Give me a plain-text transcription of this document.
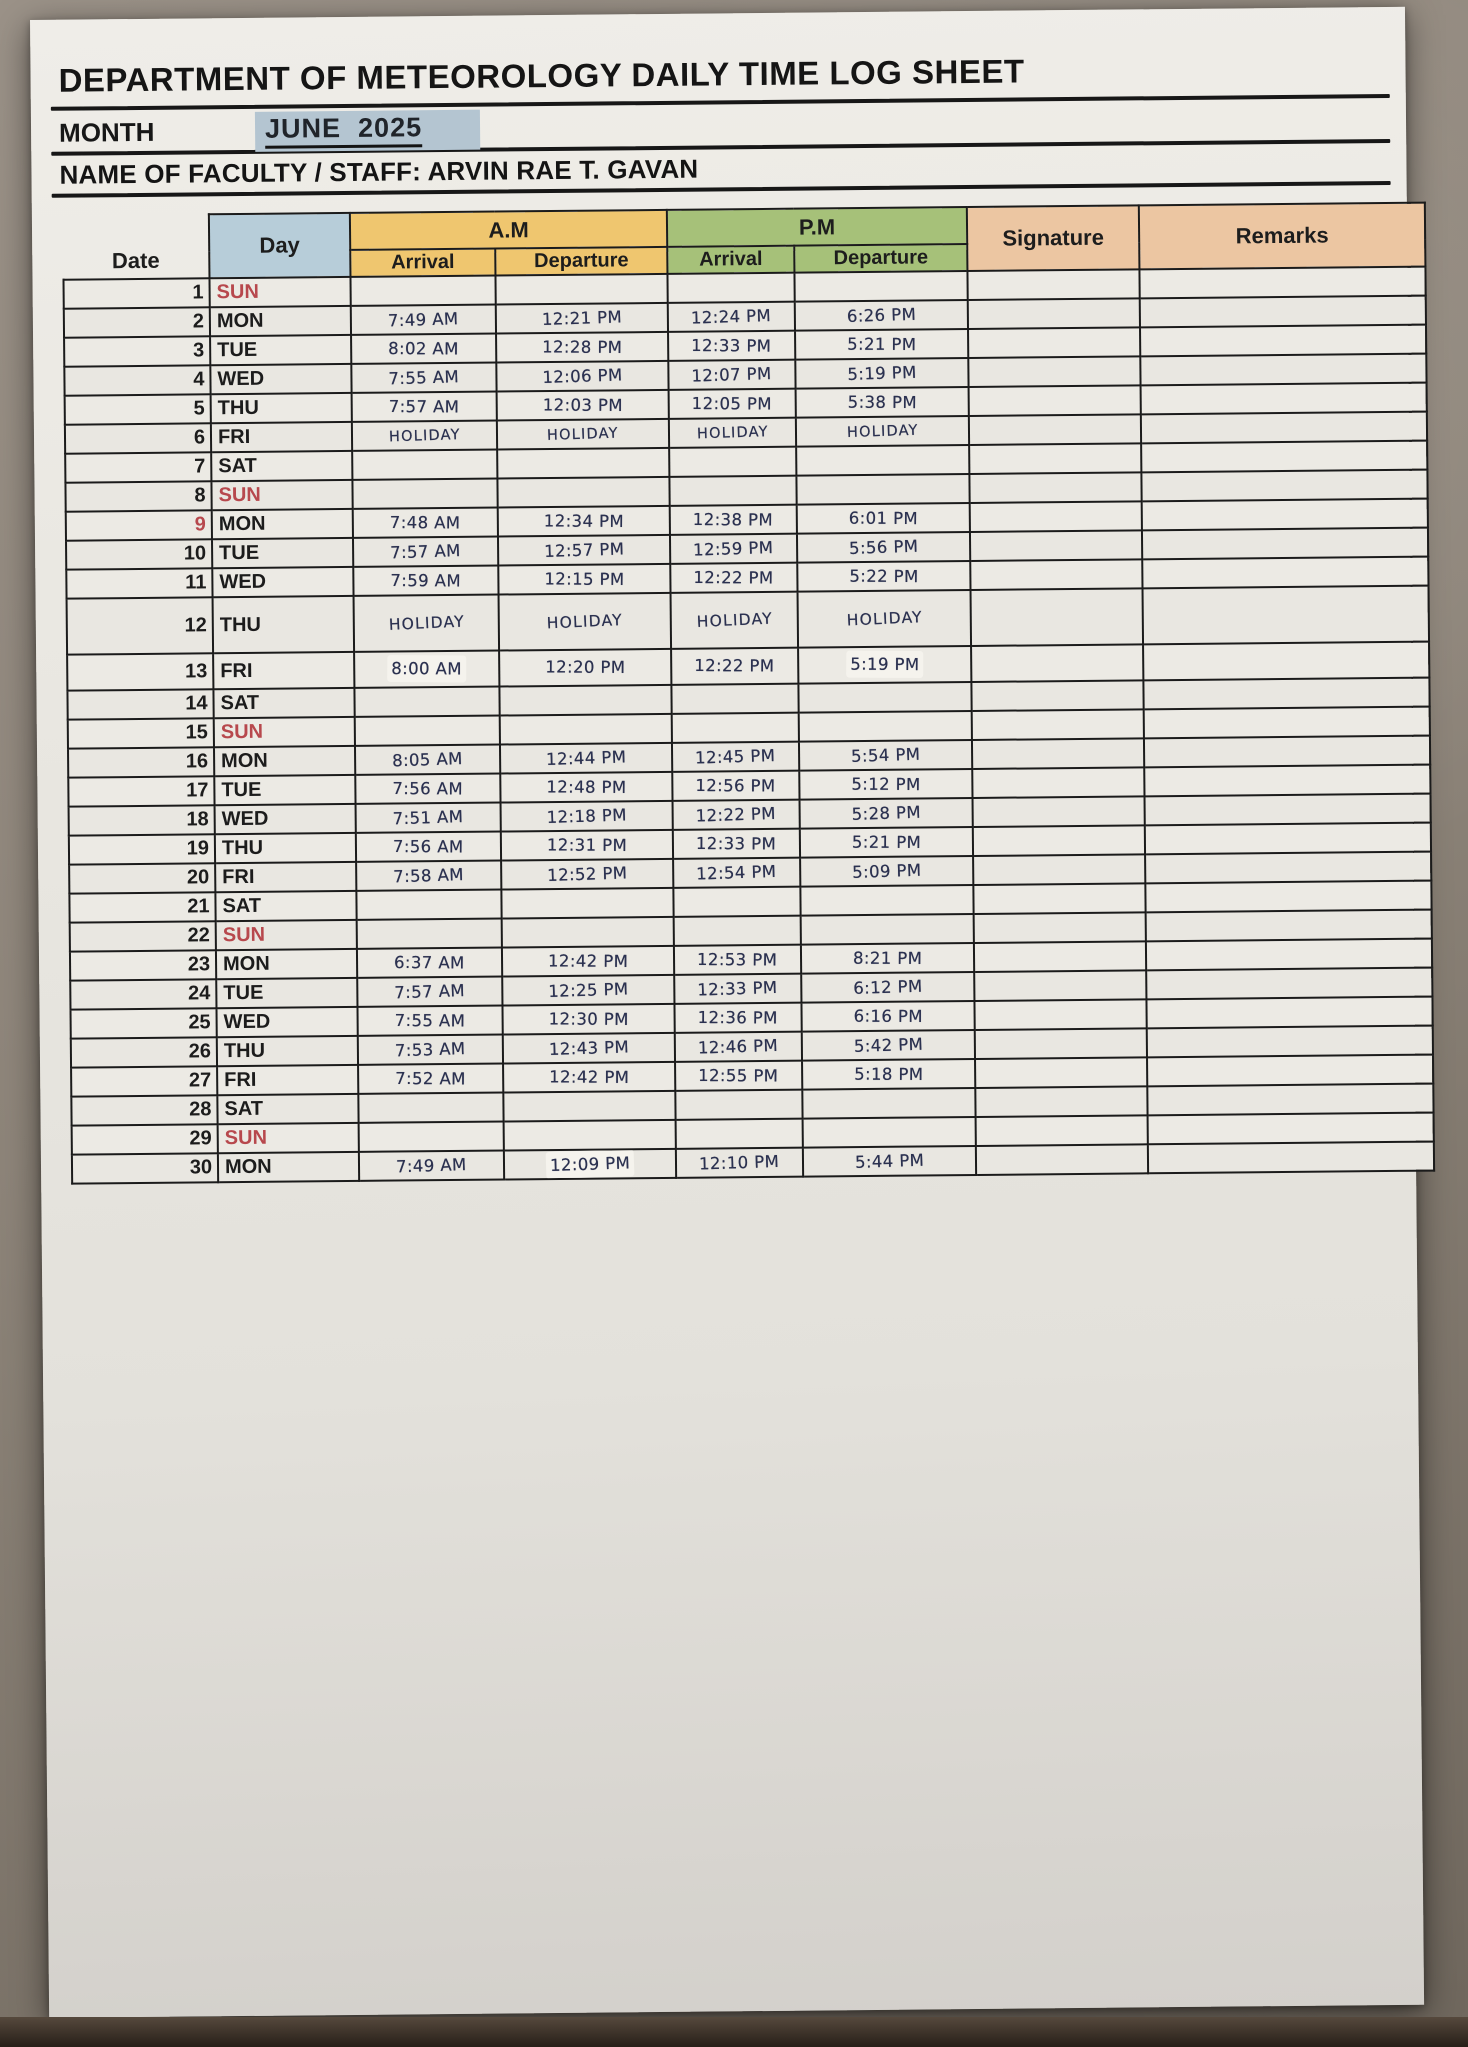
DEPARTMENT OF METEOROLOGY DAILY TIME LOG SHEET
MONTH	JUNE  2025
NAME OF FACULTY / STAFF: ARVIN RAE T. GAVAN
Date	Day	A.M		P.M		Signature	Remarks
		Arrival	Departure	Arrival	Departure		
1	SUN						
2	MON	7:49 AM	12:21 PM	12:24 PM	6:26 PM		
3	TUE	8:02 AM	12:28 PM	12:33 PM	5:21 PM		
4	WED	7:55 AM	12:06 PM	12:07 PM	5:19 PM		
5	THU	7:57 AM	12:03 PM	12:05 PM	5:38 PM		
6	FRI	HOLIDAY	HOLIDAY	HOLIDAY	HOLIDAY		
7	SAT						
8	SUN						
9	MON	7:48 AM	12:34 PM	12:38 PM	6:01 PM		
10	TUE	7:57 AM	12:57 PM	12:59 PM	5:56 PM		
11	WED	7:59 AM	12:15 PM	12:22 PM	5:22 PM		
12	THU	HOLIDAY	HOLIDAY	HOLIDAY	HOLIDAY		
13	FRI	8:00 AM	12:20 PM	12:22 PM	5:19 PM		
14	SAT						
15	SUN						
16	MON	8:05 AM	12:44 PM	12:45 PM	5:54 PM		
17	TUE	7:56 AM	12:48 PM	12:56 PM	5:12 PM		
18	WED	7:51 AM	12:18 PM	12:22 PM	5:28 PM		
19	THU	7:56 AM	12:31 PM	12:33 PM	5:21 PM		
20	FRI	7:58 AM	12:52 PM	12:54 PM	5:09 PM		
21	SAT						
22	SUN						
23	MON	6:37 AM	12:42 PM	12:53 PM	8:21 PM		
24	TUE	7:57 AM	12:25 PM	12:33 PM	6:12 PM		
25	WED	7:55 AM	12:30 PM	12:36 PM	6:16 PM		
26	THU	7:53 AM	12:43 PM	12:46 PM	5:42 PM		
27	FRI	7:52 AM	12:42 PM	12:55 PM	5:18 PM		
28	SAT						
29	SUN						
30	MON	7:49 AM	12:09 PM	12:10 PM	5:44 PM		
